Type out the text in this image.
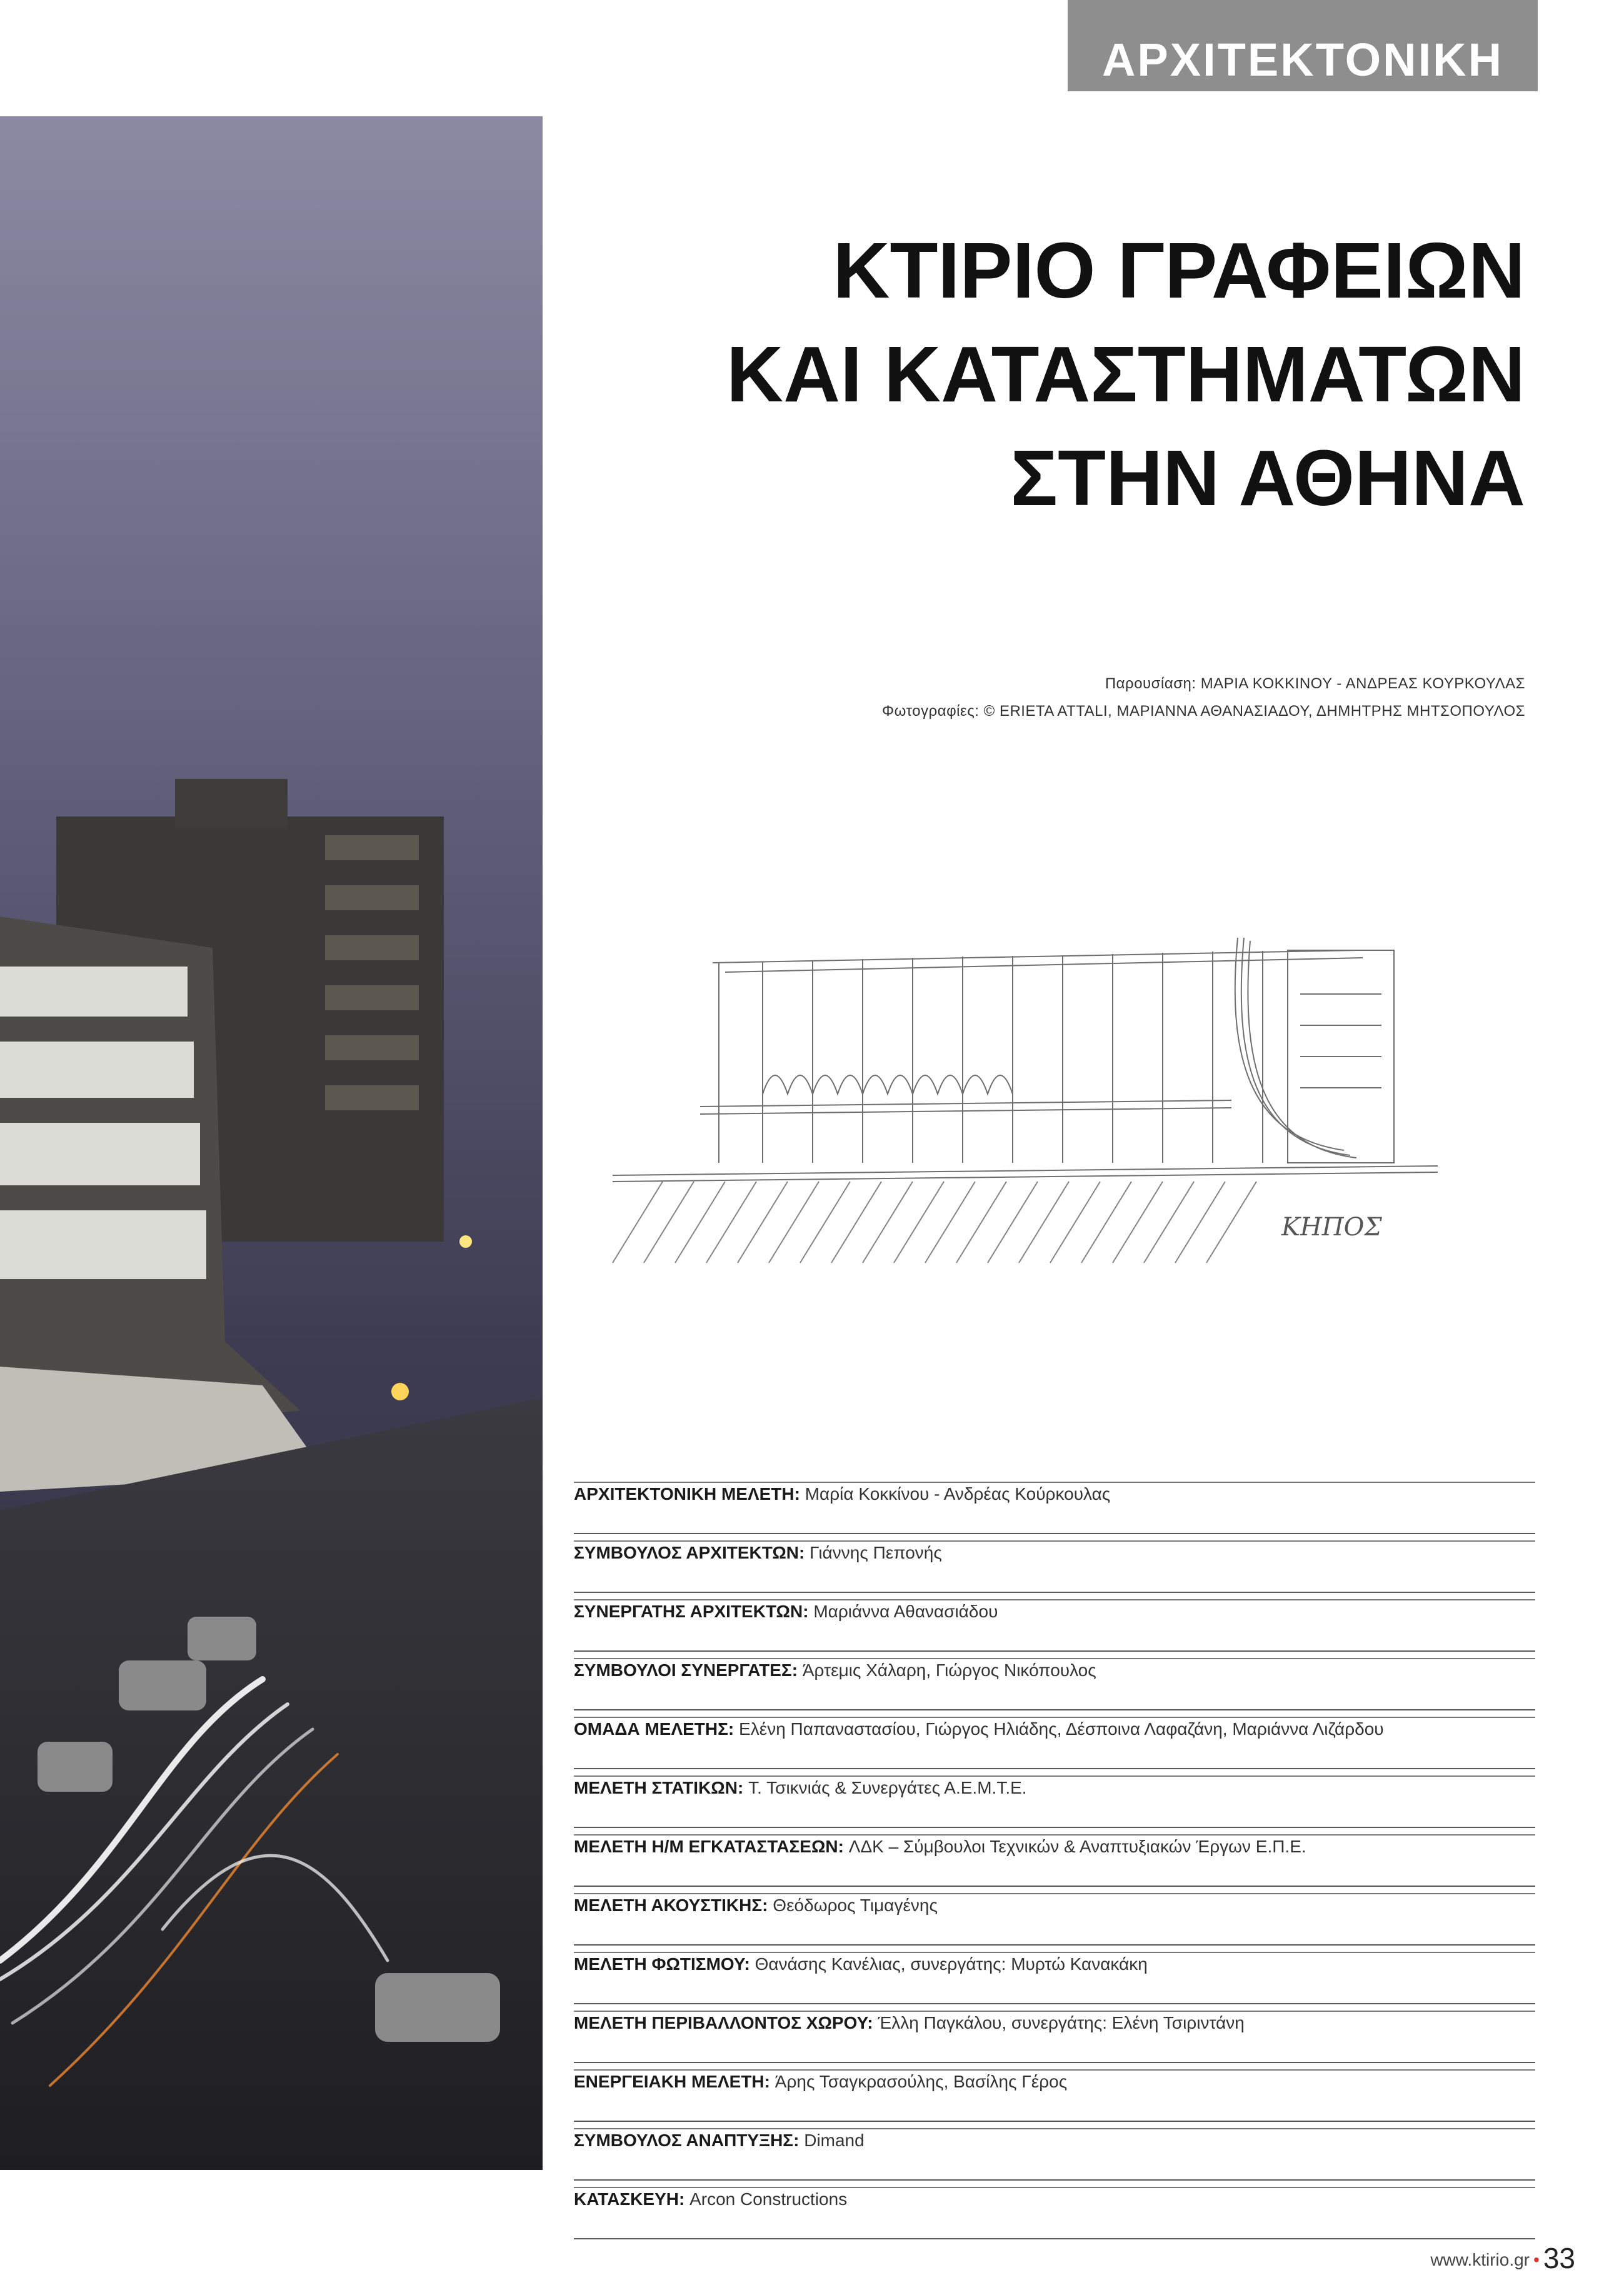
ΑΡΧΙΤΕΚΤΟΝΙΚΗ
ΚΤΙΡΙΟ ΓΡΑΦΕΙΩΝ
ΚΑΙ ΚΑΤΑΣΤΗΜΑΤΩΝ
ΣΤΗΝ ΑΘΗΝΑ
Παρουσίαση: ΜΑΡΙΑ ΚΟΚΚΙΝΟΥ - ΑΝΔΡΕΑΣ ΚΟΥΡΚΟΥΛΑΣ
Φωτογραφίες: © ERIETA ATTALI, ΜΑΡΙΑΝΝΑ ΑΘΑΝΑΣΙΑΔΟΥ, ΔΗΜΗΤΡΗΣ ΜΗΤΣΟΠΟΥΛΟΣ
ΚΗΠΟΣ
ΑΡΧΙΤΕΚΤΟΝΙΚΗ ΜΕΛΕΤΗ: Μαρία Κοκκίνου - Ανδρέας Κούρκουλας
ΣΥΜΒΟΥΛΟΣ ΑΡΧΙΤΕΚΤΩΝ: Γιάννης Πεπονής
ΣΥΝΕΡΓΑΤΗΣ ΑΡΧΙΤΕΚΤΩΝ: Μαριάννα Αθανασιάδου
ΣΥΜΒΟΥΛΟΙ ΣΥΝΕΡΓΑΤΕΣ: Άρτεμις Χάλαρη, Γιώργος Νικόπουλος
ΟΜΑΔΑ ΜΕΛΕΤΗΣ: Ελένη Παπαναστασίου, Γιώργος Ηλιάδης, Δέσποινα Λαφαζάνη, Μαριάννα Λιζάρδου
ΜΕΛΕΤΗ ΣΤΑΤΙΚΩΝ: Τ. Τσικνιάς & Συνεργάτες Α.Ε.Μ.Τ.Ε.
ΜΕΛΕΤΗ Η/Μ ΕΓΚΑΤΑΣΤΑΣΕΩΝ: ΛΔΚ – Σύμβουλοι Τεχνικών & Αναπτυξιακών Έργων Ε.Π.Ε.
ΜΕΛΕΤΗ ΑΚΟΥΣΤΙΚΗΣ: Θεόδωρος Τιμαγένης
ΜΕΛΕΤΗ ΦΩΤΙΣΜΟΥ: Θανάσης Κανέλιας, συνεργάτης: Μυρτώ Κανακάκη
ΜΕΛΕΤΗ ΠΕΡΙΒΑΛΛΟΝΤΟΣ ΧΩΡΟΥ: Έλλη Παγκάλου, συνεργάτης: Ελένη Τσιριντάνη
ΕΝΕΡΓΕΙΑΚΗ ΜΕΛΕΤΗ: Άρης Τσαγκρασούλης, Βασίλης Γέρος
ΣΥΜΒΟΥΛΟΣ ΑΝΑΠΤΥΞΗΣ: Dimand
ΚΑΤΑΣΚΕΥΗ: Arcon Constructions
www.ktirio.gr • 33
